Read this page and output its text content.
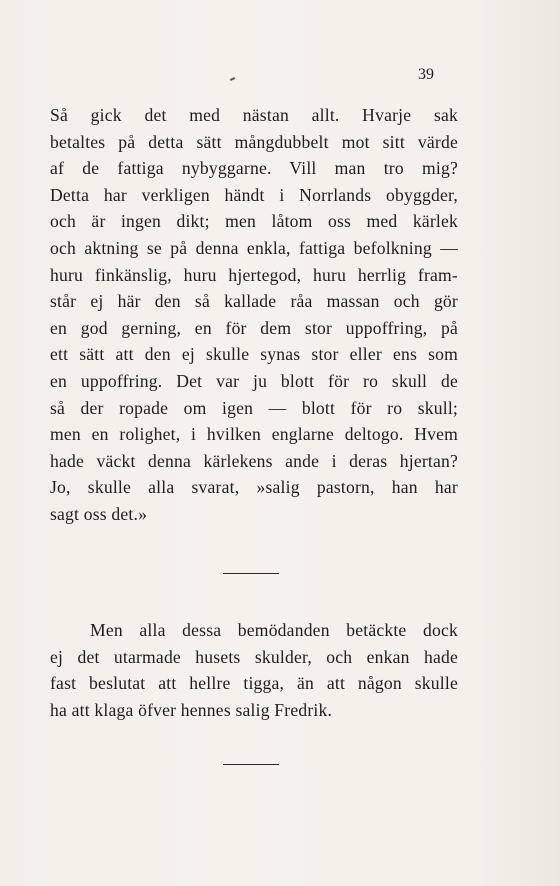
39

Så gick det med nästan allt. Hvarje sak
betaltes på detta sätt mångdubbelt mot sitt värde
af de fattiga nybyggarne. Vill man tro mig?
Detta har verkligen händt i Norrlands obyggder,
och är ingen dikt; men låtom oss med kärlek
och aktning se på denna enkla, fattiga befolkning —
huru finkänslig, huru hjertegod, huru herrlig fram-
står ej här den så kallade råa massan och gör
en god gerning, en för dem stor uppoffring, på
ett sätt att den ej skulle synas stor eller ens som
en uppoffring. Det var ju blott för ro skull de
så der ropade om igen — blott för ro skull;
men en rolighet, i hvilken englarne deltogo. Hvem
hade väckt denna kärlekens ande i deras hjertan?
Jo, skulle alla svarat, »salig pastorn, han har
sagt oss det.»

Men alla dessa bemödanden betäckte dock
ej det utarmade husets skulder, och enkan hade
fast beslutat att hellre tigga, än att någon skulle
ha att klaga öfver hennes salig Fredrik.
